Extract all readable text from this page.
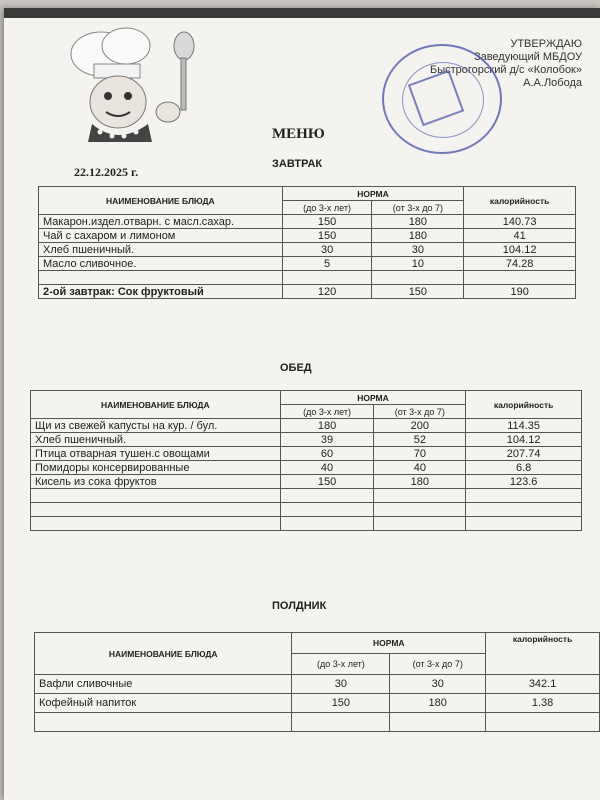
УТВЕРЖДАЮ
Заведующий МБДОУ
Быстрогорский д/с «Колобок»
А.А.Лобода
МЕНЮ
22.12.2025 г.
ЗАВТРАК
НАИМЕНОВАНИЕ БЛЮДА	НОРМА		калорийность
	(до 3-х лет)	(от 3-х до 7)	
Макарон.издел.отварн. с масл.сахар.	150	180	140.73
Чай с сахаром и лимоном	150	180	41
Хлеб пшеничный.	30	30	104.12
Масло сливочное.	5	10	74.28

2-ой завтрак: Сок фруктовый	120	150	190
ОБЕД
НАИМЕНОВАНИЕ БЛЮДА	НОРМА		калорийность
	(до 3-х лет)	(от 3-х до 7)	
Щи из свежей капусты на кур. / бул.	180	200	114.35
Хлеб пшеничный.	39	52	104.12
Птица отварная тушен.с овощами	60	70	207.74
Помидоры консервированные	40	40	6.8
Кисель из сока фруктов	150	180	123.6

ПОЛДНИК
НАИМЕНОВАНИЕ БЛЮДА	НОРМА		калорийность
	(до 3-х лет)	(от 3-х до 7)	
Вафли сливочные	30	30	342.1
Кофейный напиток	150	180	1.38
